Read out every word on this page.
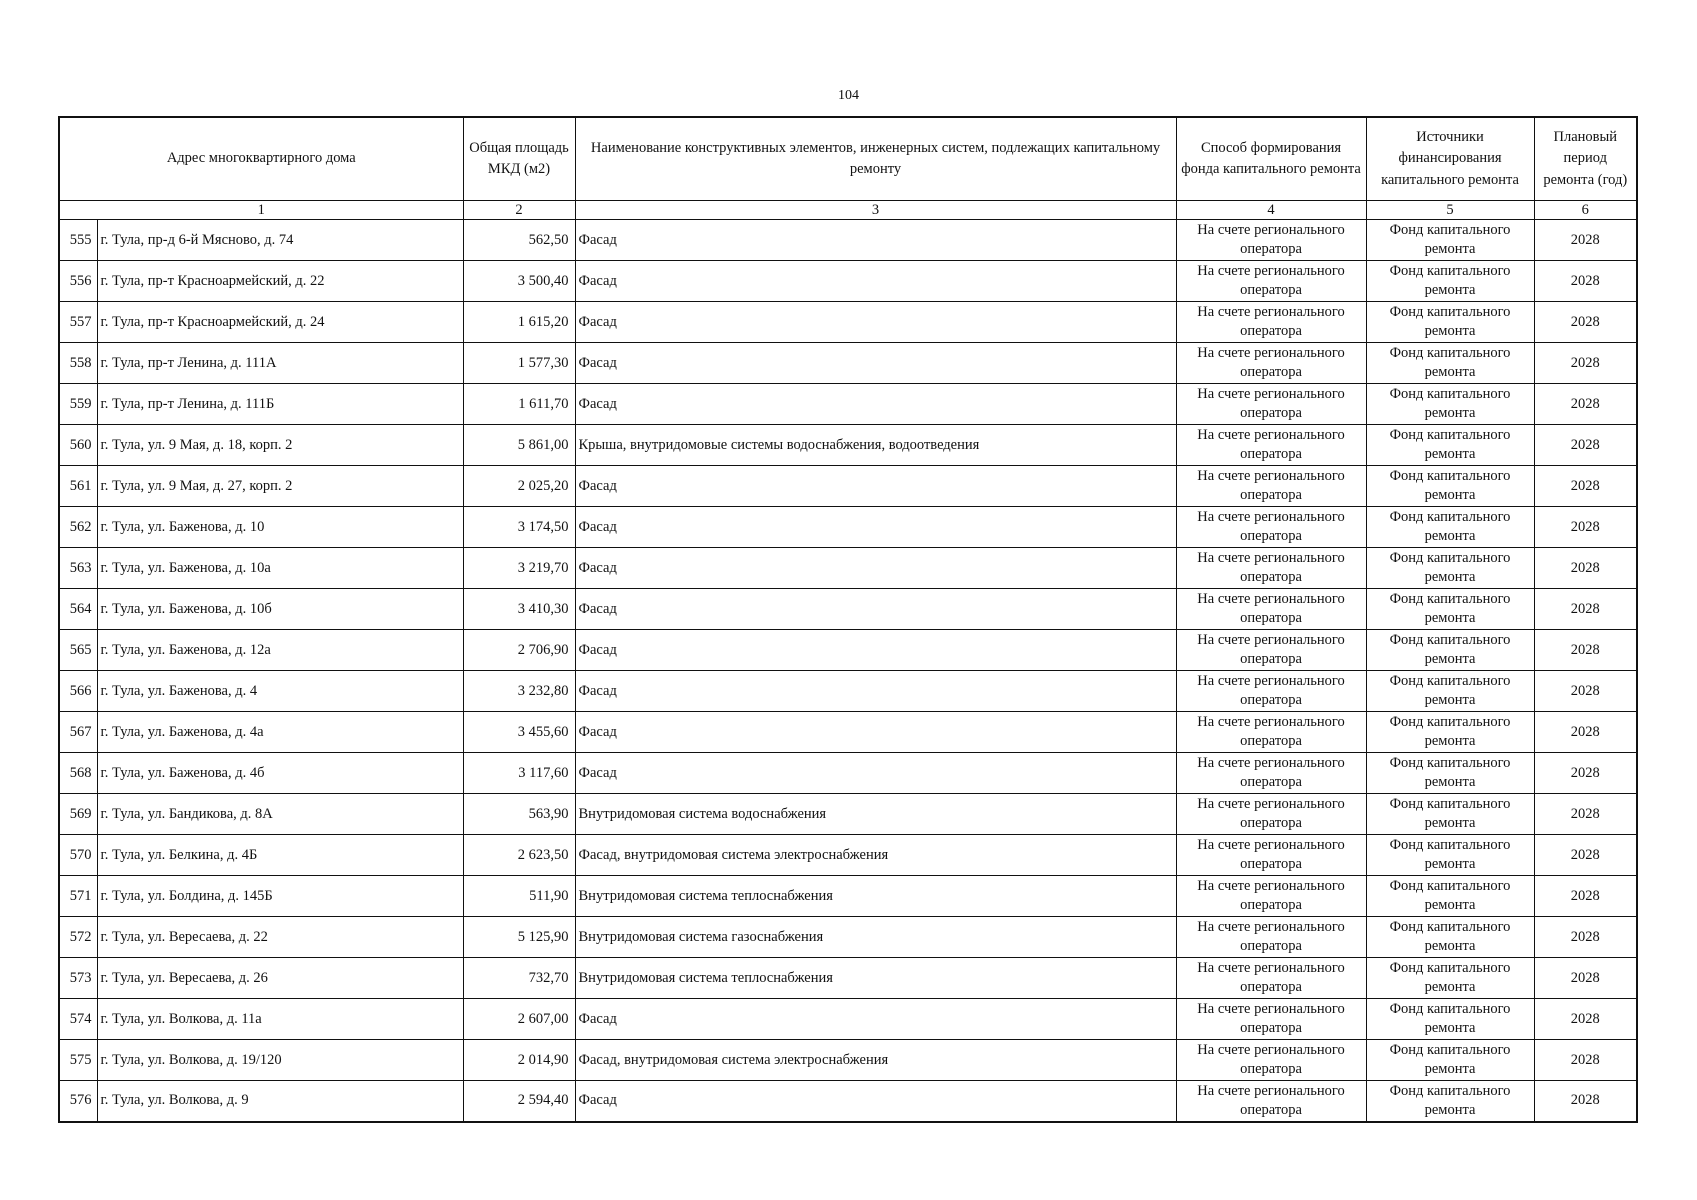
104
Адрес многоквартирного дома		Общая площадь МКД (м2)	Наименование конструктивных элементов, инженерных систем, подлежащих капитальному ремонту	Способ формирования фонда капитального ремонта	Источники финансирования капитального ремонта	Плановый период ремонта (год)
1		2	3	4	5	6
555	г. Тула, пр-д 6-й Мясново, д. 74	562,50	Фасад	На счете регионального оператора	Фонд капитального ремонта	2028
556	г. Тула, пр-т Красноармейский, д. 22	3 500,40	Фасад	На счете регионального оператора	Фонд капитального ремонта	2028
557	г. Тула, пр-т Красноармейский, д. 24	1 615,20	Фасад	На счете регионального оператора	Фонд капитального ремонта	2028
558	г. Тула, пр-т Ленина, д. 111А	1 577,30	Фасад	На счете регионального оператора	Фонд капитального ремонта	2028
559	г. Тула, пр-т Ленина, д. 111Б	1 611,70	Фасад	На счете регионального оператора	Фонд капитального ремонта	2028
560	г. Тула, ул. 9 Мая, д. 18, корп. 2	5 861,00	Крыша, внутридомовые системы водоснабжения, водоотведения	На счете регионального оператора	Фонд капитального ремонта	2028
561	г. Тула, ул. 9 Мая, д. 27, корп. 2	2 025,20	Фасад	На счете регионального оператора	Фонд капитального ремонта	2028
562	г. Тула, ул. Баженова, д. 10	3 174,50	Фасад	На счете регионального оператора	Фонд капитального ремонта	2028
563	г. Тула, ул. Баженова, д. 10а	3 219,70	Фасад	На счете регионального оператора	Фонд капитального ремонта	2028
564	г. Тула, ул. Баженова, д. 10б	3 410,30	Фасад	На счете регионального оператора	Фонд капитального ремонта	2028
565	г. Тула, ул. Баженова, д. 12а	2 706,90	Фасад	На счете регионального оператора	Фонд капитального ремонта	2028
566	г. Тула, ул. Баженова, д. 4	3 232,80	Фасад	На счете регионального оператора	Фонд капитального ремонта	2028
567	г. Тула, ул. Баженова, д. 4а	3 455,60	Фасад	На счете регионального оператора	Фонд капитального ремонта	2028
568	г. Тула, ул. Баженова, д. 4б	3 117,60	Фасад	На счете регионального оператора	Фонд капитального ремонта	2028
569	г. Тула, ул. Бандикова, д. 8А	563,90	Внутридомовая система водоснабжения	На счете регионального оператора	Фонд капитального ремонта	2028
570	г. Тула, ул. Белкина, д. 4Б	2 623,50	Фасад, внутридомовая система электроснабжения	На счете регионального оператора	Фонд капитального ремонта	2028
571	г. Тула, ул. Болдина, д. 145Б	511,90	Внутридомовая система теплоснабжения	На счете регионального оператора	Фонд капитального ремонта	2028
572	г. Тула, ул. Вересаева, д. 22	5 125,90	Внутридомовая система газоснабжения	На счете регионального оператора	Фонд капитального ремонта	2028
573	г. Тула, ул. Вересаева, д. 26	732,70	Внутридомовая система теплоснабжения	На счете регионального оператора	Фонд капитального ремонта	2028
574	г. Тула, ул. Волкова, д. 11а	2 607,00	Фасад	На счете регионального оператора	Фонд капитального ремонта	2028
575	г. Тула, ул. Волкова, д. 19/120	2 014,90	Фасад, внутридомовая система электроснабжения	На счете регионального оператора	Фонд капитального ремонта	2028
576	г. Тула, ул. Волкова, д. 9	2 594,40	Фасад	На счете регионального оператора	Фонд капитального ремонта	2028
